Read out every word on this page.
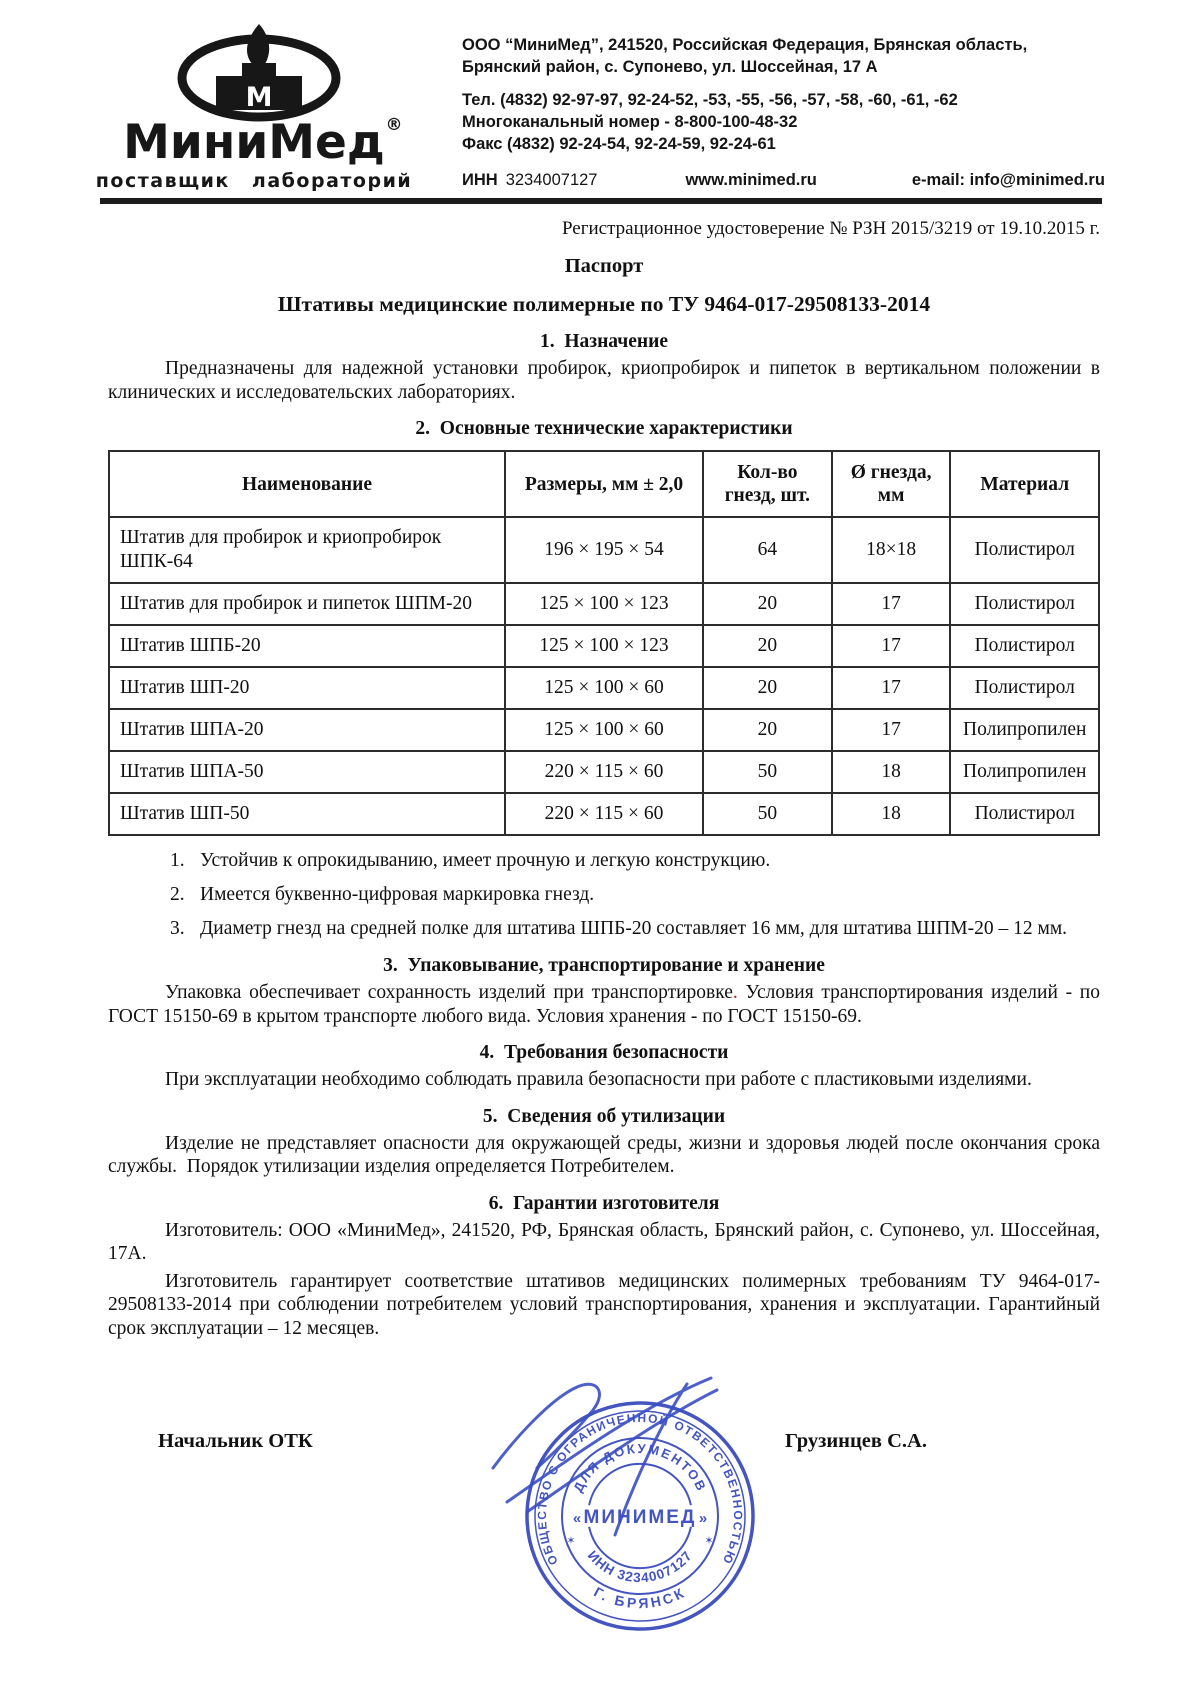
М
МиниМед ®
поставщик лабораторий
ООО “МиниМед”, 241520, Российская Федерация, Брянская область,
Брянский район, с. Супонево, ул. Шоссейная, 17 А
Тел. (4832) 92-97-97, 92-24-52, -53, -55, -56, -57, -58, -60, -61, -62
Многоканальный номер - 8-800-100-48-32
Факс (4832) 92-24-54, 92-24-59, 92-24-61
ИНН 3234007127	www.minimed.ru	e-mail: info@minimed.ru
Регистрационное удостоверение № РЗН 2015/3219 от 19.10.2015 г.
Паспорт
Штативы медицинские полимерные по ТУ 9464-017-29508133-2014
1.  Назначение

Предназначены для надежной установки пробирок, криопробирок и пипеток в вертикальном положении в клинических и исследовательских лабораториях.

2.  Основные технические характеристики
Наименование	Размеры, мм ± 2,0	Кол-во гнезд, шт.	Ø гнезда, мм	Материал
Штатив для пробирок и криопробирок ШПК-64	196 × 195 × 54	64	18×18	Полистирол
Штатив для пробирок и пипеток ШПМ-20	125 × 100 × 123	20	17	Полистирол
Штатив ШПБ-20	125 × 100 × 123	20	17	Полистирол
Штатив ШП-20	125 × 100 × 60	20	17	Полистирол
Штатив ШПА-20	125 × 100 × 60	20	17	Полипропилен
Штатив ШПА-50	220 × 115 × 60	50	18	Полипропилен
Штатив ШП-50	220 × 115 × 60	50	18	Полистирол
1. Устойчив к опрокидыванию, имеет прочную и легкую конструкцию.
2. Имеется буквенно-цифровая маркировка гнезд.
3. Диаметр гнезд на средней полке для штатива ШПБ-20 составляет 16 мм, для штатива ШПМ-20 – 12 мм.
3.  Упаковывание, транспортирование и хранение

Упаковка обеспечивает сохранность изделий при транспортировке. Условия транспортирования изделий - по ГОСТ 15150-69 в крытом транспорте любого вида. Условия хранения - по ГОСТ 15150-69.

4.  Требования безопасности

При эксплуатации необходимо соблюдать правила безопасности при работе с пластиковыми изделиями.

5.  Сведения об утилизации

Изделие не представляет опасности для окружающей среды, жизни и здоровья людей после окончания срока службы.  Порядок утилизации изделия определяется Потребителем.

6.  Гарантии изготовителя

Изготовитель: ООО «МиниМед», 241520, РФ, Брянская область, Брянский район, с. Супонево, ул. Шоссейная, 17А.

Изготовитель гарантирует соответствие штативов медицинских полимерных требованиям ТУ 9464-017-29508133-2014 при соблюдении потребителем условий транспортирования, хранения и эксплуатации. Гарантийный срок эксплуатации – 12 месяцев.

Начальник ОТК	Грузинцев С.А.
ОБЩЕСТВО С ОГРАНИЧЕННОЙ ОТВЕТСТВЕННОСТЬЮ
ДЛЯ ДОКУМЕНТОВ
ИНН 3234007127
Г. БРЯНСК
МИНИМЕД
«	»
✶	✶
